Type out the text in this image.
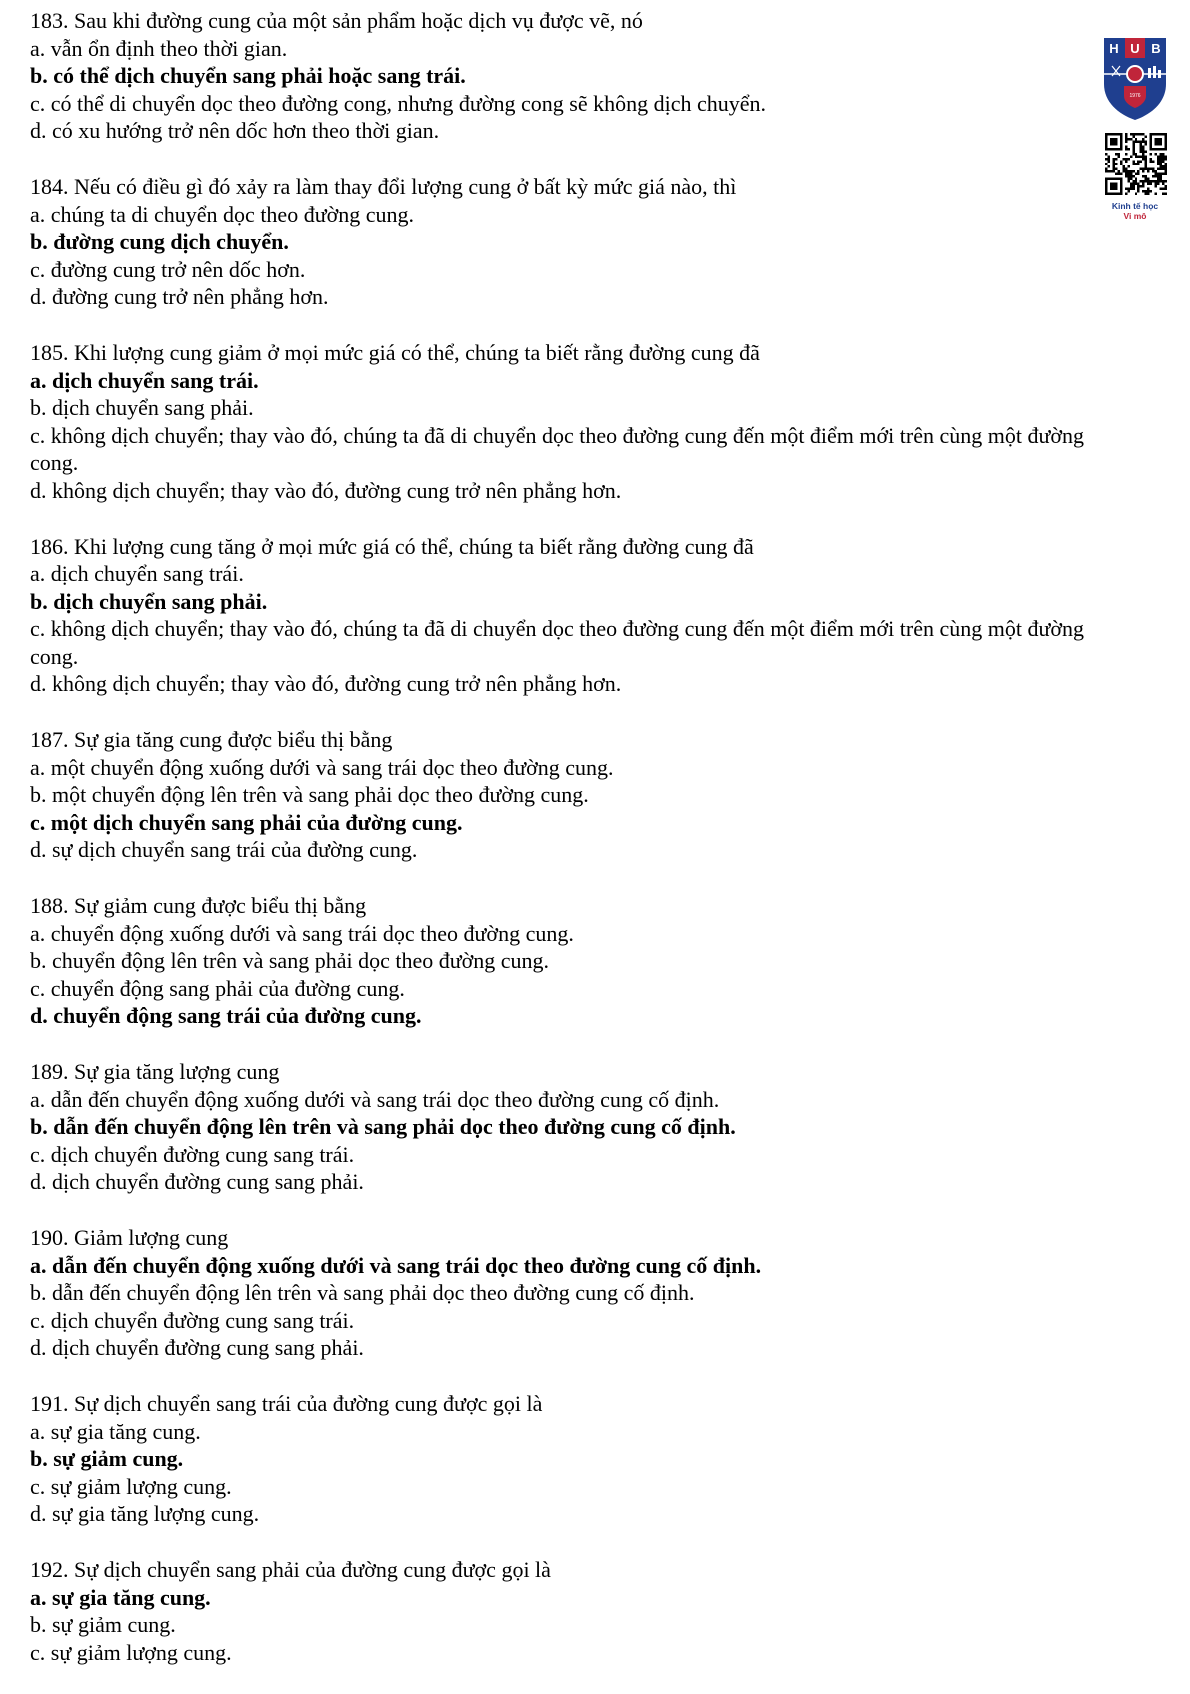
183. Sau khi đường cung của một sản phẩm hoặc dịch vụ được vẽ, nó
a. vẫn ổn định theo thời gian.
b. có thể dịch chuyển sang phải hoặc sang trái.
c. có thể di chuyển dọc theo đường cong, nhưng đường cong sẽ không dịch chuyển.
d. có xu hướng trở nên dốc hơn theo thời gian.
184. Nếu có điều gì đó xảy ra làm thay đổi lượng cung ở bất kỳ mức giá nào, thì
a. chúng ta di chuyển dọc theo đường cung.
b. đường cung dịch chuyển.
c. đường cung trở nên dốc hơn.
d. đường cung trở nên phẳng hơn.
185. Khi lượng cung giảm ở mọi mức giá có thể, chúng ta biết rằng đường cung đã
a. dịch chuyển sang trái.
b. dịch chuyển sang phải.
c. không dịch chuyển; thay vào đó, chúng ta đã di chuyển dọc theo đường cung đến một điểm mới trên cùng một đường cong.
d. không dịch chuyển; thay vào đó, đường cung trở nên phẳng hơn.
186. Khi lượng cung tăng ở mọi mức giá có thể, chúng ta biết rằng đường cung đã
a. dịch chuyển sang trái.
b. dịch chuyển sang phải.
c. không dịch chuyển; thay vào đó, chúng ta đã di chuyển dọc theo đường cung đến một điểm mới trên cùng một đường cong.
d. không dịch chuyển; thay vào đó, đường cung trở nên phẳng hơn.
187. Sự gia tăng cung được biểu thị bằng
a. một chuyển động xuống dưới và sang trái dọc theo đường cung.
b. một chuyển động lên trên và sang phải dọc theo đường cung.
c. một dịch chuyển sang phải của đường cung.
d. sự dịch chuyển sang trái của đường cung.
188. Sự giảm cung được biểu thị bằng
a. chuyển động xuống dưới và sang trái dọc theo đường cung.
b. chuyển động lên trên và sang phải dọc theo đường cung.
c. chuyển động sang phải của đường cung.
d. chuyển động sang trái của đường cung.
189. Sự gia tăng lượng cung
a. dẫn đến chuyển động xuống dưới và sang trái dọc theo đường cung cố định.
b. dẫn đến chuyển động lên trên và sang phải dọc theo đường cung cố định.
c. dịch chuyển đường cung sang trái.
d. dịch chuyển đường cung sang phải.
190. Giảm lượng cung
a. dẫn đến chuyển động xuống dưới và sang trái dọc theo đường cung cố định.
b. dẫn đến chuyển động lên trên và sang phải dọc theo đường cung cố định.
c. dịch chuyển đường cung sang trái.
d. dịch chuyển đường cung sang phải.
191. Sự dịch chuyển sang trái của đường cung được gọi là
a. sự gia tăng cung.
b. sự giảm cung.
c. sự giảm lượng cung.
d. sự gia tăng lượng cung.
192. Sự dịch chuyển sang phải của đường cung được gọi là
a. sự gia tăng cung.
b. sự giảm cung.
c. sự giảm lượng cung.
H U B
1976
Kinh tế học
Vi mô
